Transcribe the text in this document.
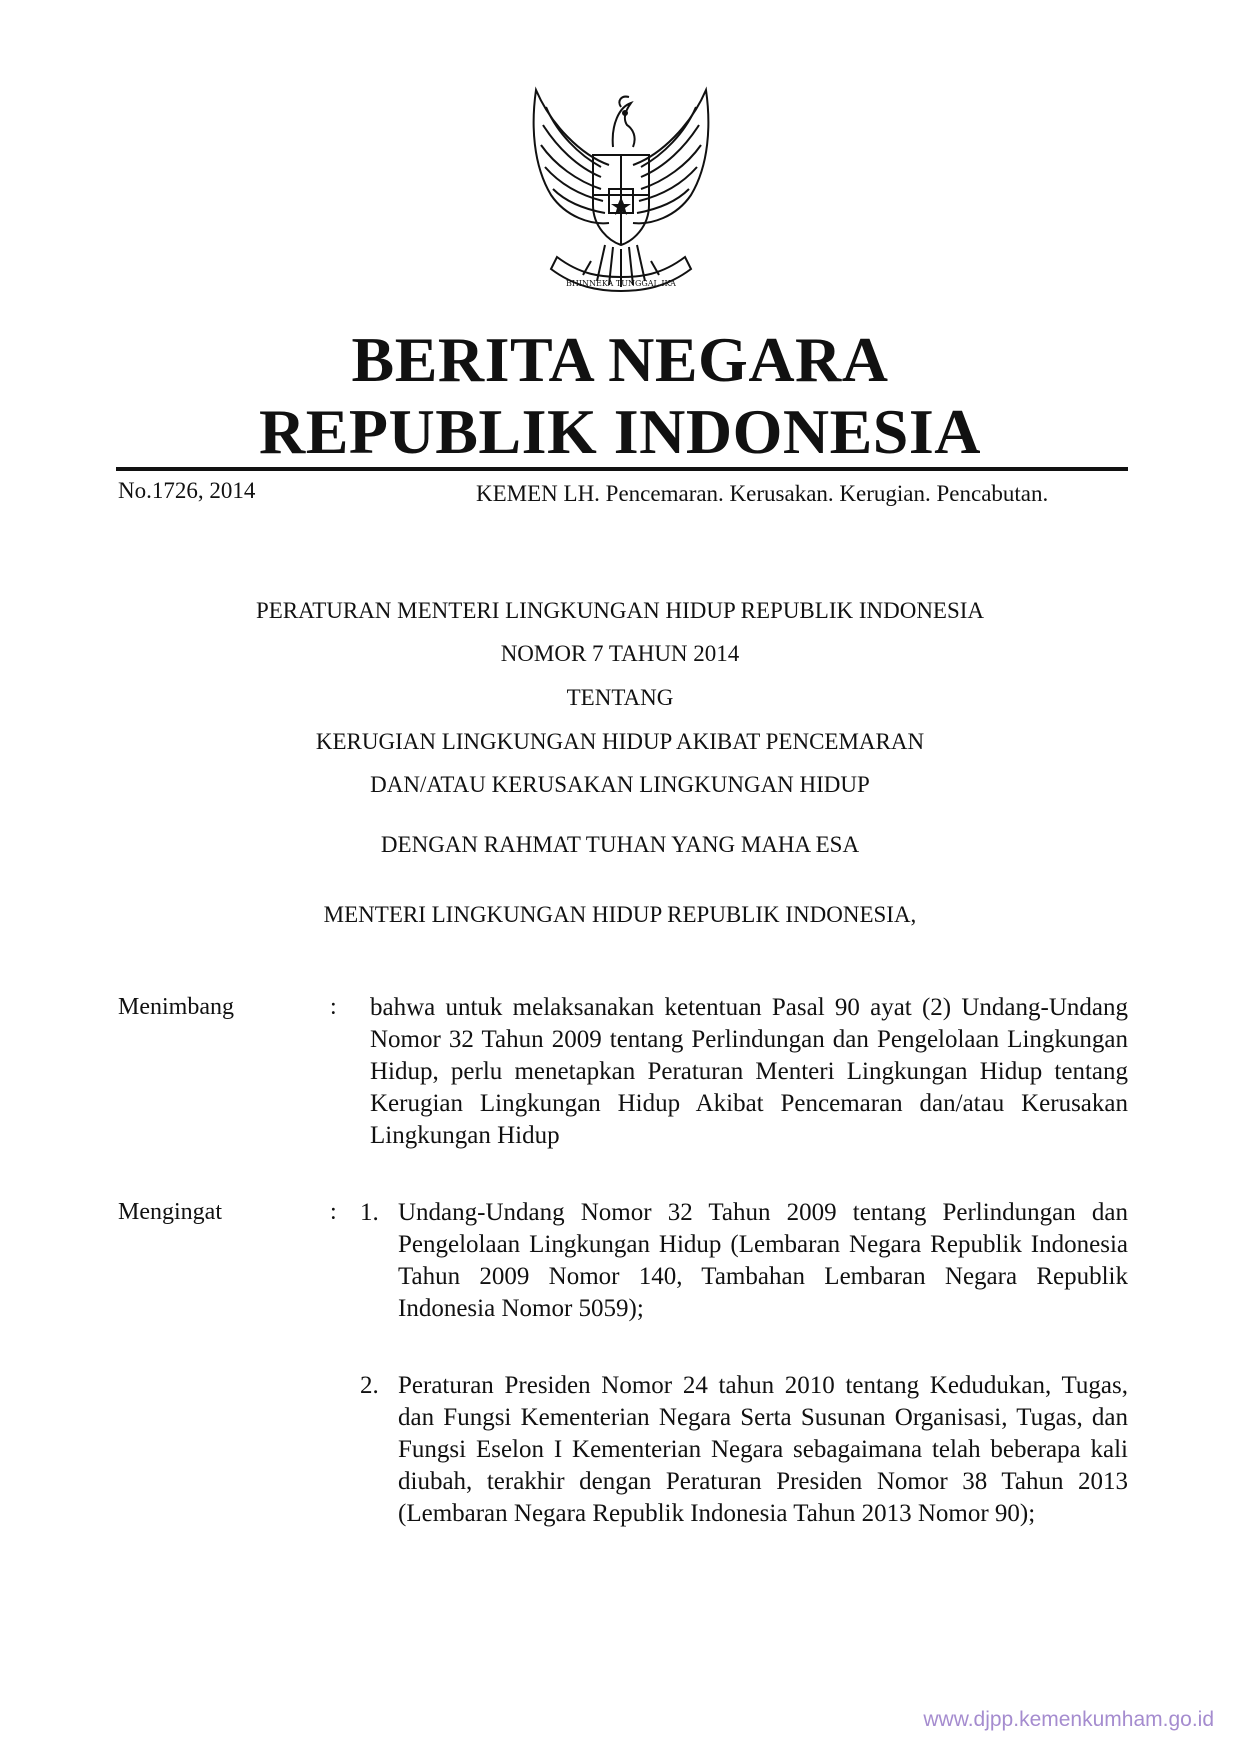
BHINNEKA TUNGGAL IKA
BERITA NEGARA
REPUBLIK INDONESIA
No.1726, 2014	KEMEN LH. Pencemaran. Kerusakan. Kerugian. Pencabutan.
PERATURAN MENTERI LINGKUNGAN HIDUP REPUBLIK INDONESIA
NOMOR 7 TAHUN 2014
TENTANG
KERUGIAN LINGKUNGAN HIDUP AKIBAT PENCEMARAN
DAN/ATAU KERUSAKAN LINGKUNGAN HIDUP
DENGAN RAHMAT TUHAN YANG MAHA ESA
MENTERI LINGKUNGAN HIDUP REPUBLIK INDONESIA,
Menimbang	: bahwa untuk melaksanakan ketentuan Pasal 90 ayat (2) Undang-Undang Nomor 32 Tahun 2009 tentang Perlindungan dan Pengelolaan Lingkungan Hidup, perlu menetapkan Peraturan Menteri Lingkungan Hidup tentang Kerugian Lingkungan Hidup Akibat Pencemaran dan/atau Kerusakan Lingkungan Hidup
Mengingat	: 1. Undang-Undang Nomor 32 Tahun 2009 tentang Perlindungan dan Pengelolaan Lingkungan Hidup (Lembaran Negara Republik Indonesia Tahun 2009 Nomor 140, Tambahan Lembaran Negara Republik Indonesia Nomor 5059);
2. Peraturan Presiden Nomor 24 tahun 2010 tentang Kedudukan, Tugas, dan Fungsi Kementerian Negara Serta Susunan Organisasi, Tugas, dan Fungsi Eselon I Kementerian Negara sebagaimana telah beberapa kali diubah, terakhir dengan Peraturan Presiden Nomor 38 Tahun 2013 (Lembaran Negara Republik Indonesia Tahun 2013 Nomor 90);
www.djpp.kemenkumham.go.id
